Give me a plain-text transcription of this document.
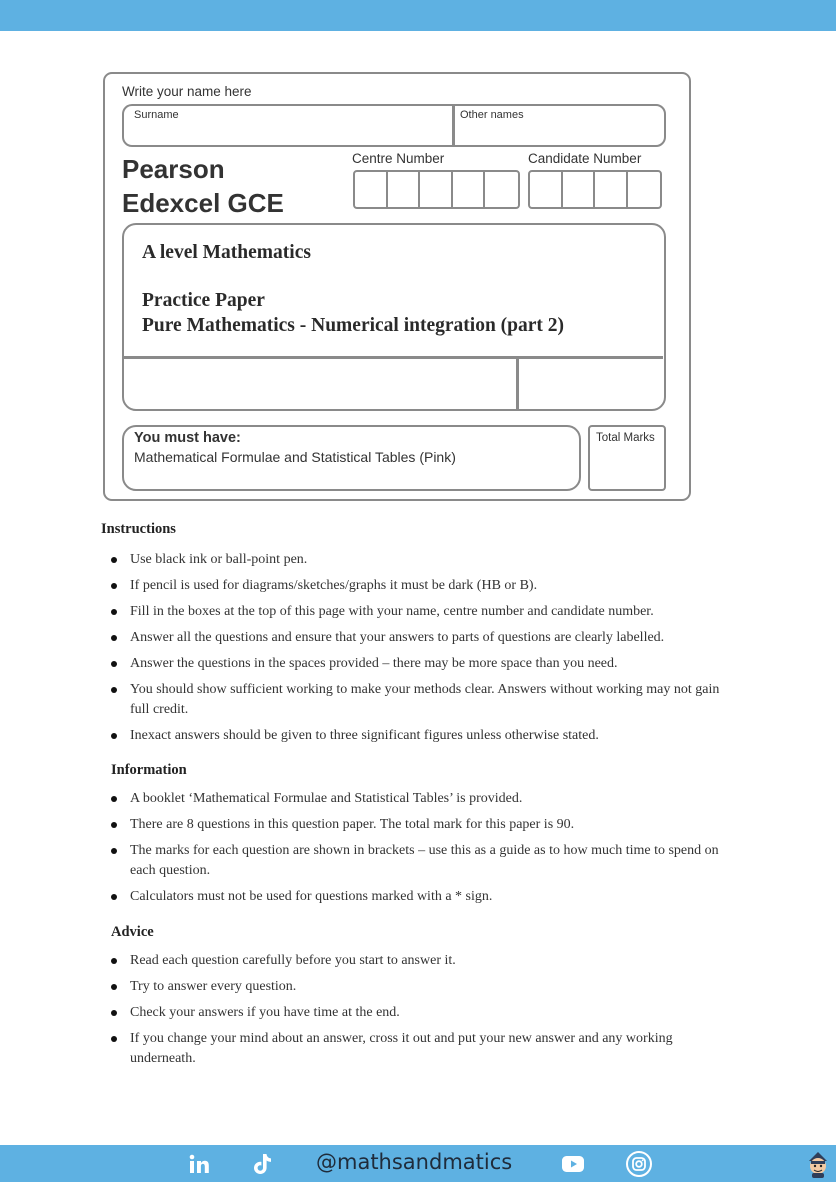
Write your name here
Surname	Other names
Pearson
Edexcel GCE
Centre Number	Candidate Number
A level Mathematics
Practice Paper
Pure Mathematics - Numerical integration (part 2)
You must have:
Mathematical Formulae and Statistical Tables (Pink)
Total Marks
Instructions
Use black ink or ball-point pen.
If pencil is used for diagrams/sketches/graphs it must be dark (HB or B).
Fill in the boxes at the top of this page with your name, centre number and candidate number.
Answer all the questions and ensure that your answers to parts of questions are clearly labelled.
Answer the questions in the spaces provided – there may be more space than you need.
You should show sufficient working to make your methods clear. Answers without working may not gain full credit.
Inexact answers should be given to three significant figures unless otherwise stated.
Information
A booklet ‘Mathematical Formulae and Statistical Tables’ is provided.
There are 8 questions in this question paper. The total mark for this paper is 90.
The marks for each question are shown in brackets – use this as a guide as to how much time to spend on each question.
Calculators must not be used for questions marked with a * sign.
Advice
Read each question carefully before you start to answer it.
Try to answer every question.
Check your answers if you have time at the end.
If you change your mind about an answer, cross it out and put your new answer and any working underneath.
@mathsandmatics
